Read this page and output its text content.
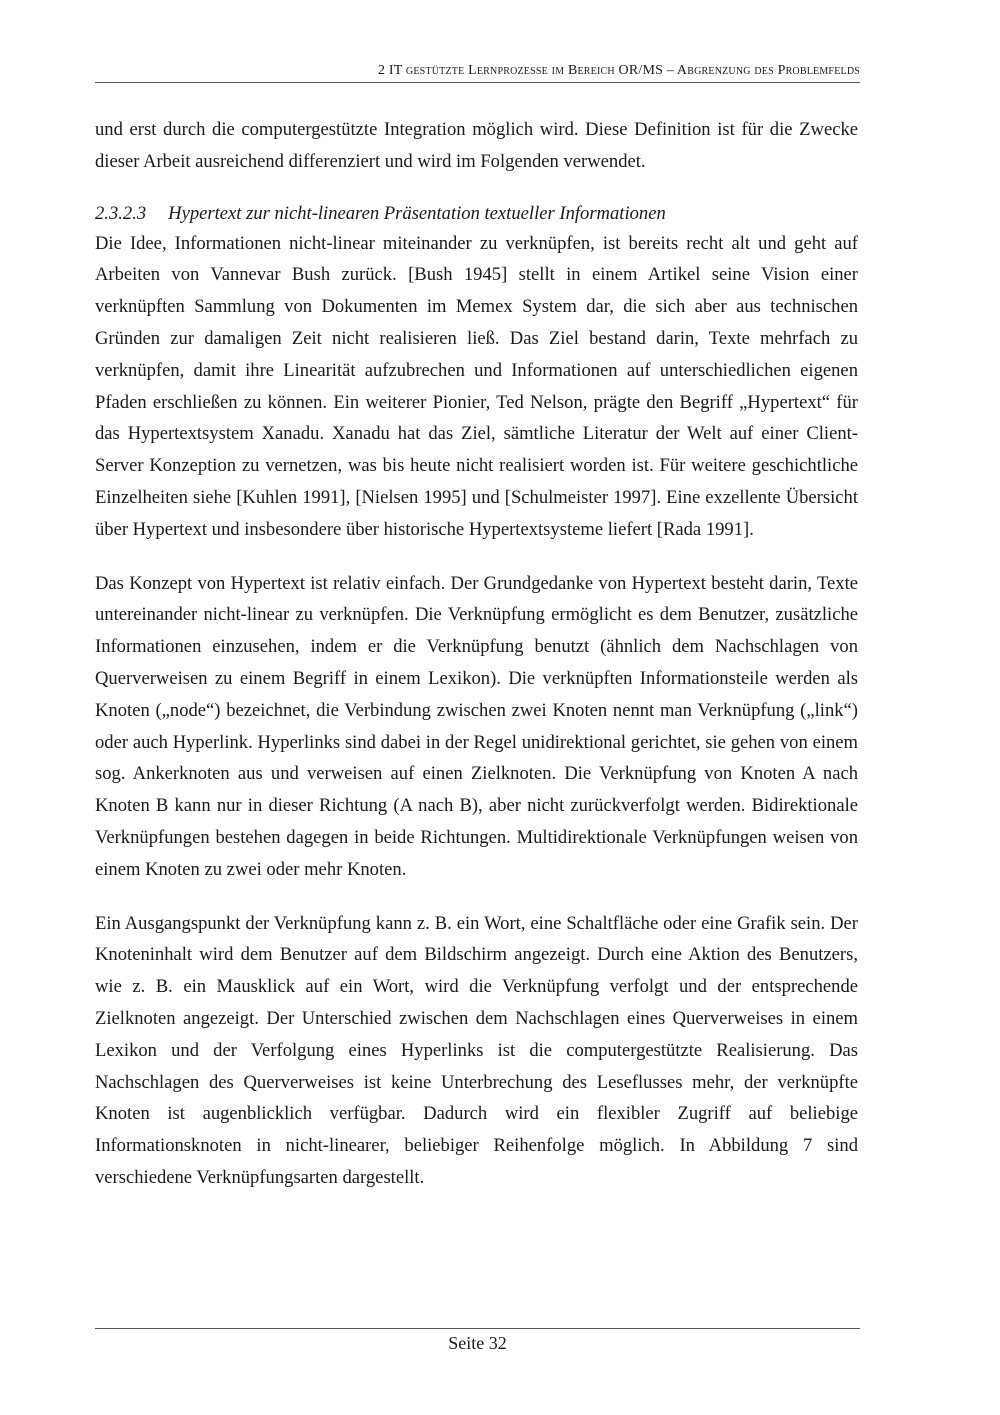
2 IT gestützte Lernprozesse im Bereich OR/MS – Abgrenzung des Problemfelds

und erst durch die computergestützte Integration möglich wird. Diese Definition ist für die Zwecke dieser Arbeit ausreichend differenziert und wird im Folgenden verwendet.

2.3.2.3 Hypertext zur nicht-linearen Präsentation textueller Informationen

Die Idee, Informationen nicht-linear miteinander zu verknüpfen, ist bereits recht alt und geht auf Arbeiten von Vannevar Bush zurück. [Bush 1945] stellt in einem Artikel seine Vision einer verknüpften Sammlung von Dokumenten im Memex System dar, die sich aber aus technischen Gründen zur damaligen Zeit nicht realisieren ließ. Das Ziel bestand darin, Texte mehrfach zu verknüpfen, damit ihre Linearität aufzubrechen und Informationen auf unterschiedlichen eigenen Pfaden erschließen zu können. Ein weiterer Pionier, Ted Nelson, prägte den Begriff „Hypertext“ für das Hypertextsystem Xanadu. Xanadu hat das Ziel, sämtliche Literatur der Welt auf einer Client-Server Konzeption zu vernetzen, was bis heute nicht realisiert worden ist. Für weitere geschichtliche Einzelheiten siehe [Kuhlen 1991], [Nielsen 1995] und [Schulmeister 1997]. Eine exzellente Übersicht über Hypertext und insbesondere über historische Hypertextsysteme liefert [Rada 1991].

Das Konzept von Hypertext ist relativ einfach. Der Grundgedanke von Hypertext besteht darin, Texte untereinander nicht-linear zu verknüpfen. Die Verknüpfung ermöglicht es dem Benutzer, zusätzliche Informationen einzusehen, indem er die Verknüpfung benutzt (ähnlich dem Nachschlagen von Querverweisen zu einem Begriff in einem Lexikon). Die verknüpften Informationsteile werden als Knoten („node“) bezeichnet, die Verbindung zwischen zwei Knoten nennt man Verknüpfung („link“) oder auch Hyperlink. Hyperlinks sind dabei in der Regel unidirektional gerichtet, sie gehen von einem sog. Ankerknoten aus und verweisen auf einen Zielknoten. Die Verknüpfung von Knoten A nach Knoten B kann nur in dieser Richtung (A nach B), aber nicht zurückverfolgt werden. Bidirektionale Verknüpfungen bestehen dagegen in beide Richtungen. Multidirektionale Verknüpfungen weisen von einem Knoten zu zwei oder mehr Knoten.

Ein Ausgangspunkt der Verknüpfung kann z. B. ein Wort, eine Schaltfläche oder eine Grafik sein. Der Knoteninhalt wird dem Benutzer auf dem Bildschirm angezeigt. Durch eine Aktion des Benutzers, wie z. B. ein Mausklick auf ein Wort, wird die Verknüpfung verfolgt und der entsprechende Zielknoten angezeigt. Der Unterschied zwischen dem Nachschlagen eines Querverweises in einem Lexikon und der Verfolgung eines Hyperlinks ist die computergestützte Realisierung. Das Nachschlagen des Querverweises ist keine Unterbrechung des Leseflusses mehr, der verknüpfte Knoten ist augenblicklich verfügbar. Dadurch wird ein flexibler Zugriff auf beliebige Informationsknoten in nicht-linearer, beliebiger Reihenfolge möglich. In Abbildung 7 sind verschiedene Verknüpfungsarten dargestellt.

Seite 32
